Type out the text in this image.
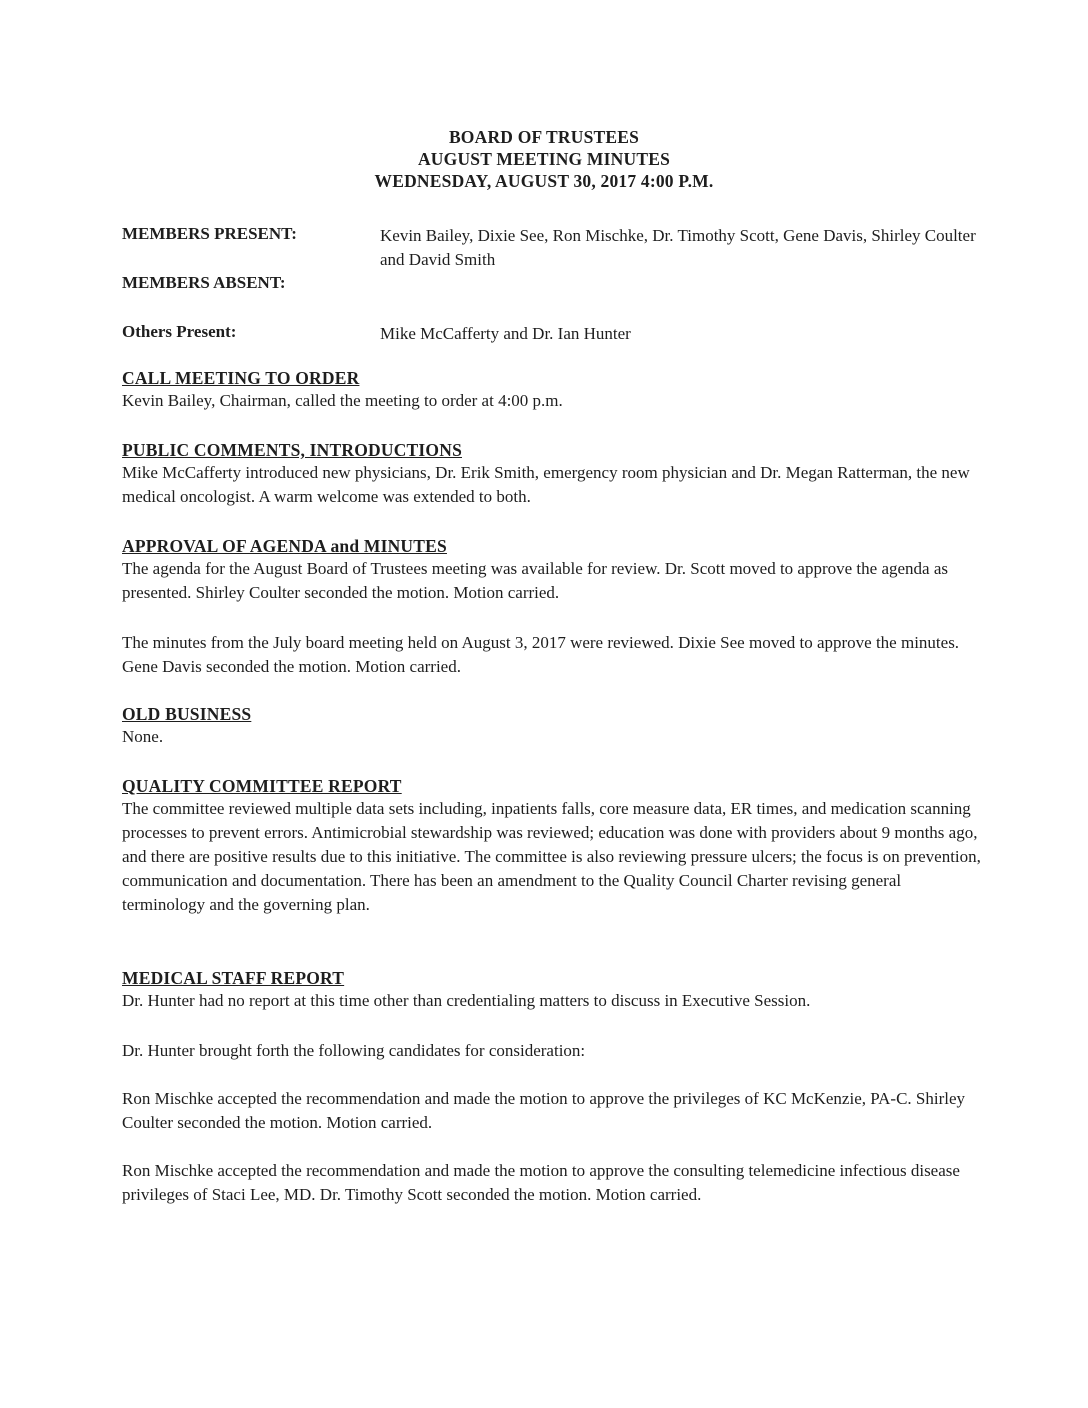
BOARD OF TRUSTEES
AUGUST MEETING MINUTES
WEDNESDAY, AUGUST 30, 2017 4:00 P.M.
MEMBERS PRESENT:	Kevin Bailey, Dixie See, Ron Mischke, Dr. Timothy Scott, Gene Davis, Shirley Coulter and David Smith
MEMBERS ABSENT:
Others Present:	Mike McCafferty and Dr. Ian Hunter
CALL MEETING TO ORDER

Kevin Bailey, Chairman, called the meeting to order at 4:00 p.m.

PUBLIC COMMENTS, INTRODUCTIONS

Mike McCafferty introduced new physicians, Dr. Erik Smith, emergency room physician and Dr. Megan Ratterman, the new medical oncologist. A warm welcome was extended to both.

APPROVAL OF AGENDA and MINUTES

The agenda for the August Board of Trustees meeting was available for review. Dr. Scott moved to approve the agenda as presented. Shirley Coulter seconded the motion. Motion carried.

The minutes from the July board meeting held on August 3, 2017 were reviewed. Dixie See moved to approve the minutes. Gene Davis seconded the motion. Motion carried.

OLD BUSINESS

None.

QUALITY COMMITTEE REPORT

The committee reviewed multiple data sets including, inpatients falls, core measure data, ER times, and medication scanning processes to prevent errors. Antimicrobial stewardship was reviewed; education was done with providers about 9 months ago, and there are positive results due to this initiative. The committee is also reviewing pressure ulcers; the focus is on prevention, communication and documentation. There has been an amendment to the Quality Council Charter revising general terminology and the governing plan.

MEDICAL STAFF REPORT

Dr. Hunter had no report at this time other than credentialing matters to discuss in Executive Session.

Dr. Hunter brought forth the following candidates for consideration:

Ron Mischke accepted the recommendation and made the motion to approve the privileges of KC McKenzie, PA-C. Shirley Coulter seconded the motion. Motion carried.

Ron Mischke accepted the recommendation and made the motion to approve the consulting telemedicine infectious disease privileges of Staci Lee, MD. Dr. Timothy Scott seconded the motion. Motion carried.
